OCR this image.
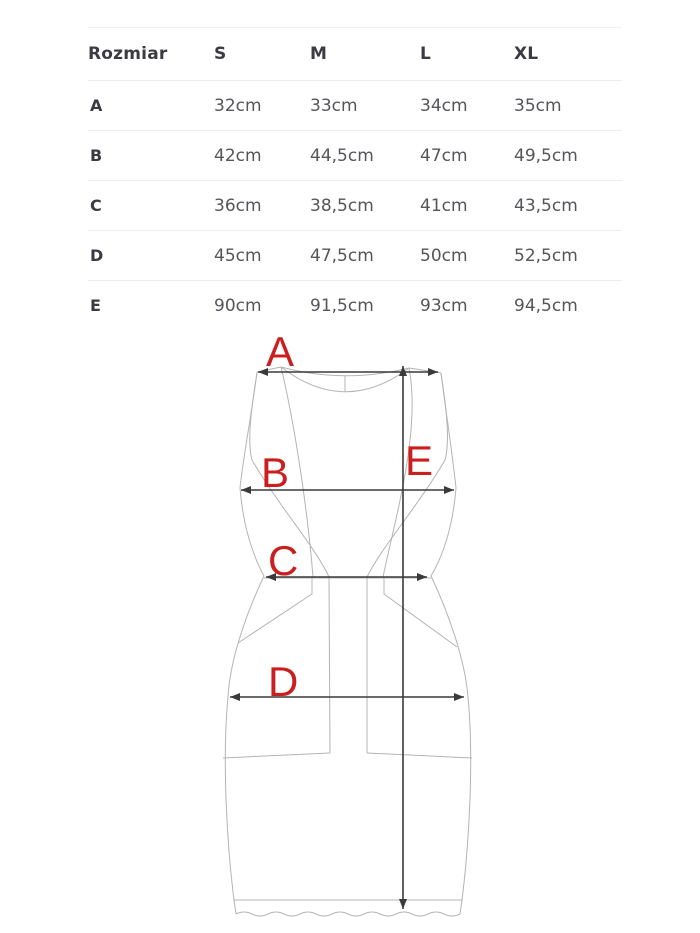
Rozmiar	S	M	L	XL
A	32cm	33cm	34cm	35cm
B	42cm	44,5cm	47cm	49,5cm
C	36cm	38,5cm	41cm	43,5cm
D	45cm	47,5cm	50cm	52,5cm
E	90cm	91,5cm	93cm	94,5cm
A
B
C
D
E
